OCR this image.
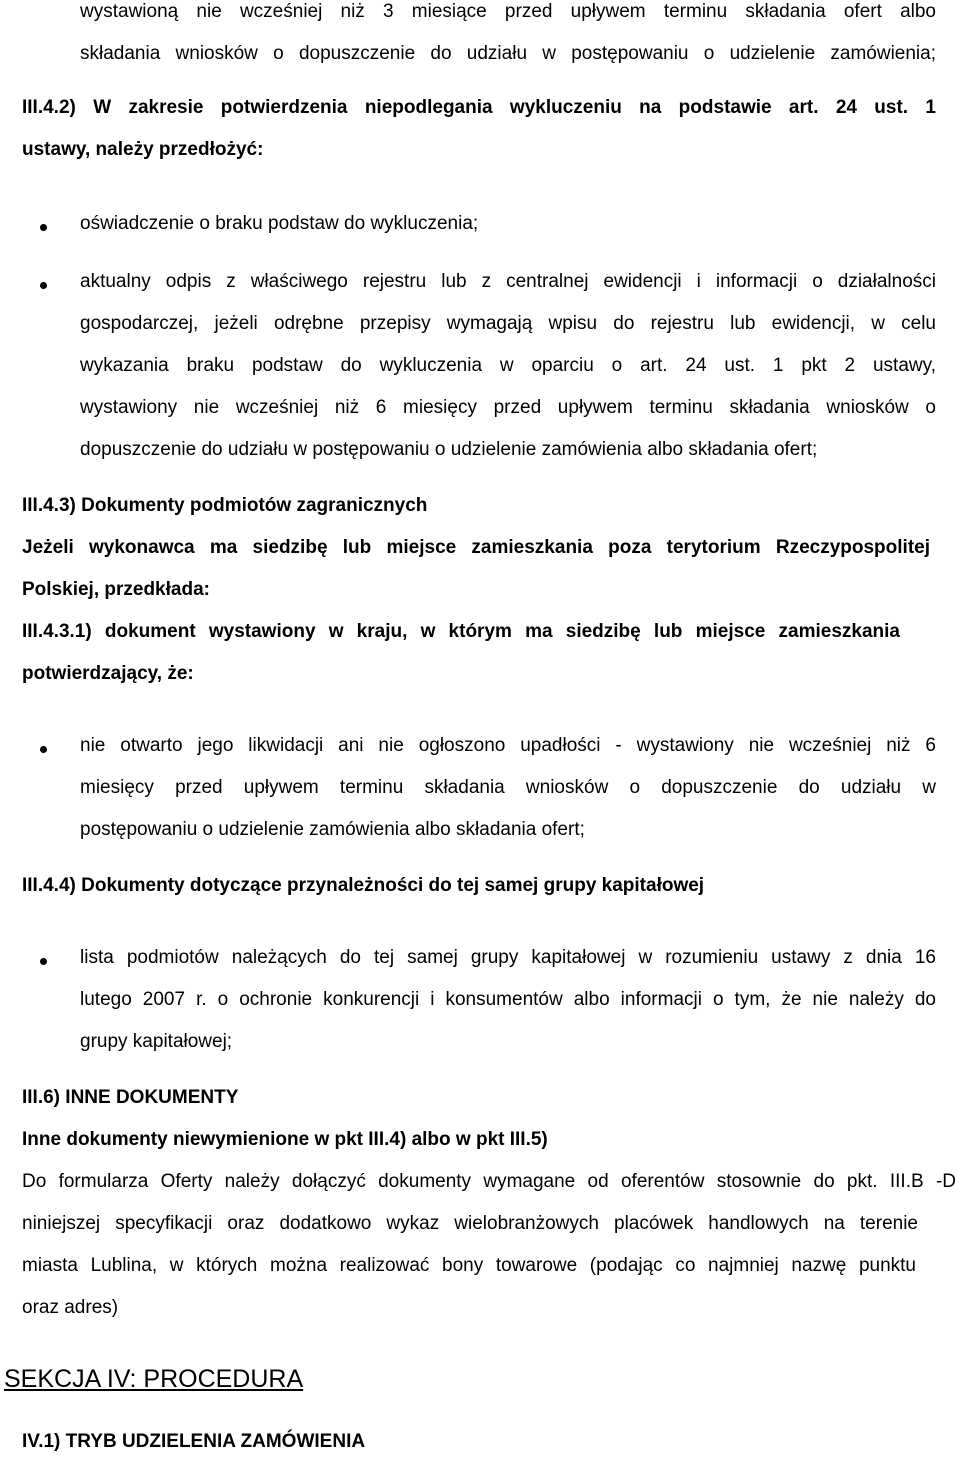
wystawioną nie wcześniej niż 3 miesiące przed upływem terminu składania ofert albo
składania wniosków o dopuszczenie do udziału w postępowaniu o udzielenie zamówienia;
III.4.2) W zakresie potwierdzenia niepodlegania wykluczeniu na podstawie art. 24 ust. 1
ustawy, należy przedłożyć:
oświadczenie o braku podstaw do wykluczenia;
aktualny odpis z właściwego rejestru lub z centralnej ewidencji i informacji o działalności
gospodarczej, jeżeli odrębne przepisy wymagają wpisu do rejestru lub ewidencji, w celu
wykazania braku podstaw do wykluczenia w oparciu o art. 24 ust. 1 pkt 2 ustawy,
wystawiony nie wcześniej niż 6 miesięcy przed upływem terminu składania wniosków o
dopuszczenie do udziału w postępowaniu o udzielenie zamówienia albo składania ofert;
III.4.3) Dokumenty podmiotów zagranicznych
Jeżeli wykonawca ma siedzibę lub miejsce zamieszkania poza terytorium Rzeczypospolitej
Polskiej, przedkłada:
III.4.3.1) dokument wystawiony w kraju, w którym ma siedzibę lub miejsce zamieszkania
potwierdzający, że:
nie otwarto jego likwidacji ani nie ogłoszono upadłości - wystawiony nie wcześniej niż 6
miesięcy przed upływem terminu składania wniosków o dopuszczenie do udziału w
postępowaniu o udzielenie zamówienia albo składania ofert;
III.4.4) Dokumenty dotyczące przynależności do tej samej grupy kapitałowej
lista podmiotów należących do tej samej grupy kapitałowej w rozumieniu ustawy z dnia 16
lutego 2007 r. o ochronie konkurencji i konsumentów albo informacji o tym, że nie należy do
grupy kapitałowej;
III.6) INNE DOKUMENTY
Inne dokumenty niewymienione w pkt III.4) albo w pkt III.5)
Do formularza Oferty należy dołączyć dokumenty wymagane od oferentów stosownie do pkt. III.B -D
niniejszej specyfikacji oraz dodatkowo wykaz wielobranżowych placówek handlowych na terenie
miasta Lublina, w których można realizować bony towarowe (podając co najmniej nazwę punktu
oraz adres)
SEKCJA IV: PROCEDURA
IV.1) TRYB UDZIELENIA ZAMÓWIENIA
